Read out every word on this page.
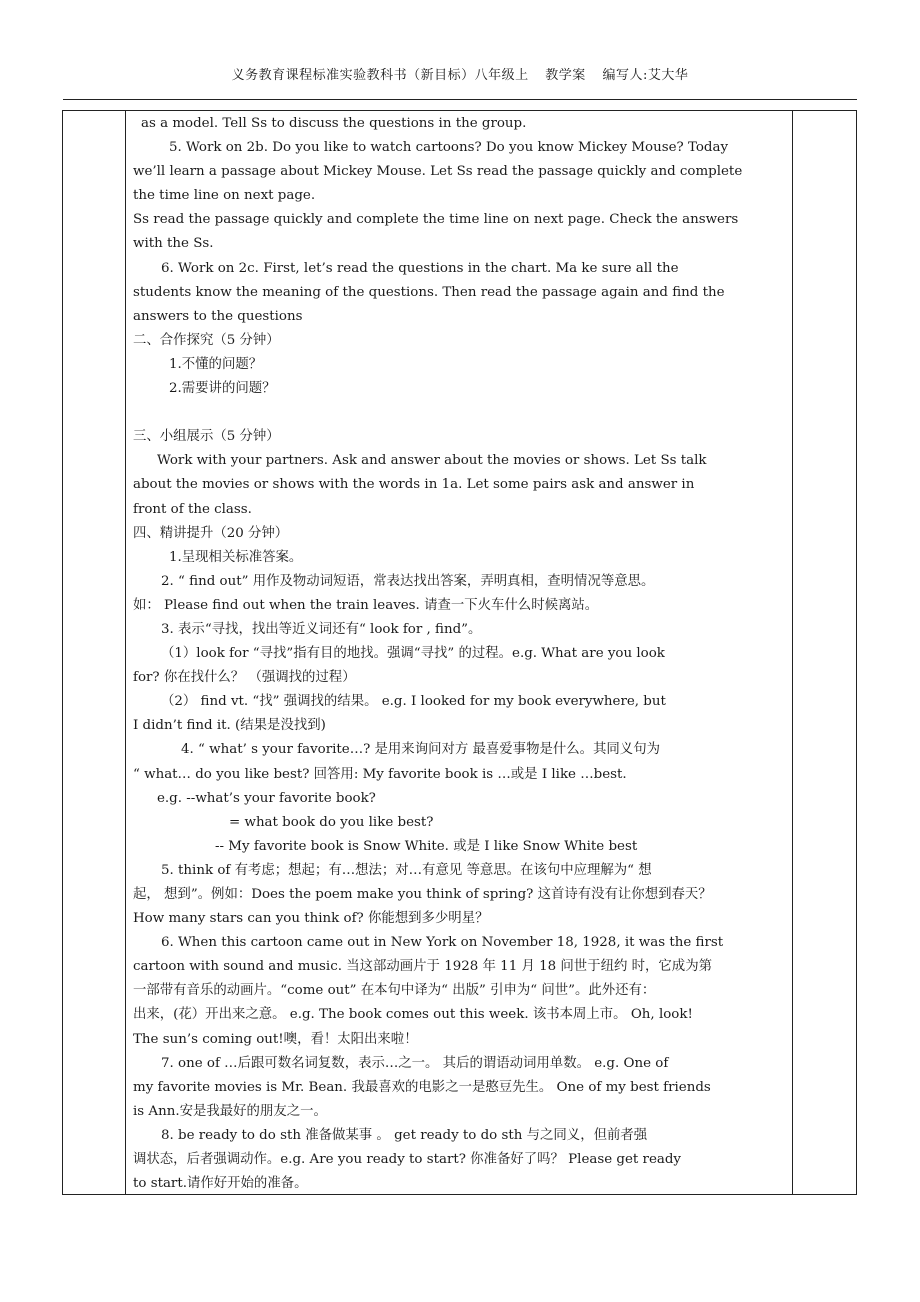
义务教育课程标准实验教科书（新目标）八年级上 教学案 编写人:艾大华

as a model. Tell Ss to discuss the questions in the group.

5. Work on 2b. Do you like to watch cartoons? Do you know Mickey Mouse? Today

we’ll learn a passage about Mickey Mouse. Let Ss read the passage quickly and complete

the time line on next page.

Ss read the passage quickly and complete the time line on next page. Check the answers

with the Ss.

6. Work on 2c. First, let’s read the questions in the chart. Ma ke sure all the

students know the meaning of the questions. Then read the passage again and find the

answers to the questions

二、合作探究（5 分钟）

1.不懂的问题？

2.需要讲的问题？

三、小组展示（5 分钟）

Work with your partners. Ask and answer about the movies or shows. Let Ss talk

about the movies or shows with the words in 1a. Let some pairs ask and answer in

front of the class.

四、精讲提升（20 分钟）

1.呈现相关标准答案。

2. “ find out” 用作及物动词短语，常表达找出答案，弄明真相，查明情况等意思。

如： Please find out when the train leaves. 请查一下火车什么时候离站。

3. 表示“寻找，找出等近义词还有“ look for , find”。

（1）look for “寻找”指有目的地找。强调“寻找” 的过程。e.g. What are you look

for? 你在找什么？ （强调找的过程）

（2） find vt. “找” 强调找的结果。 e.g. I looked for my book everywhere, but

I didn’t find it. (结果是没找到)

4. “ what’ s your favorite…? 是用来询问对方 最喜爱事物是什么。其同义句为

“ what… do you like best? 回答用: My favorite book is …或是 I like …best.

e.g. --what’s your favorite book?

= what book do you like best?

-- My favorite book is Snow White. 或是 I like Snow White best

5. think of 有考虑；想起；有…想法；对…有意见 等意思。在该句中应理解为“ 想

起， 想到”。例如：Does the poem make you think of spring? 这首诗有没有让你想到春天？

How many stars can you think of? 你能想到多少明星？

6. When this cartoon came out in New York on November 18, 1928, it was the first

cartoon with sound and music. 当这部动画片于 1928 年 11 月 18 问世于纽约 时，它成为第

一部带有音乐的动画片。“come out” 在本句中译为“ 出版” 引申为“ 问世”。此外还有：

出来，(花）开出来之意。 e.g. The book comes out this week. 该书本周上市。 Oh, look!

The sun’s coming out!噢，看！太阳出来啦！

7. one of …后跟可数名词复数，表示…之一。 其后的谓语动词用单数。 e.g. One of

my favorite movies is Mr. Bean. 我最喜欢的电影之一是憨豆先生。 One of my best friends

is Ann.安是我最好的朋友之一。

8. be ready to do sth 准备做某事 。 get ready to do sth 与之同义，但前者强

调状态，后者强调动作。e.g. Are you ready to start? 你准备好了吗？ Please get ready

to start.请作好开始的准备。
